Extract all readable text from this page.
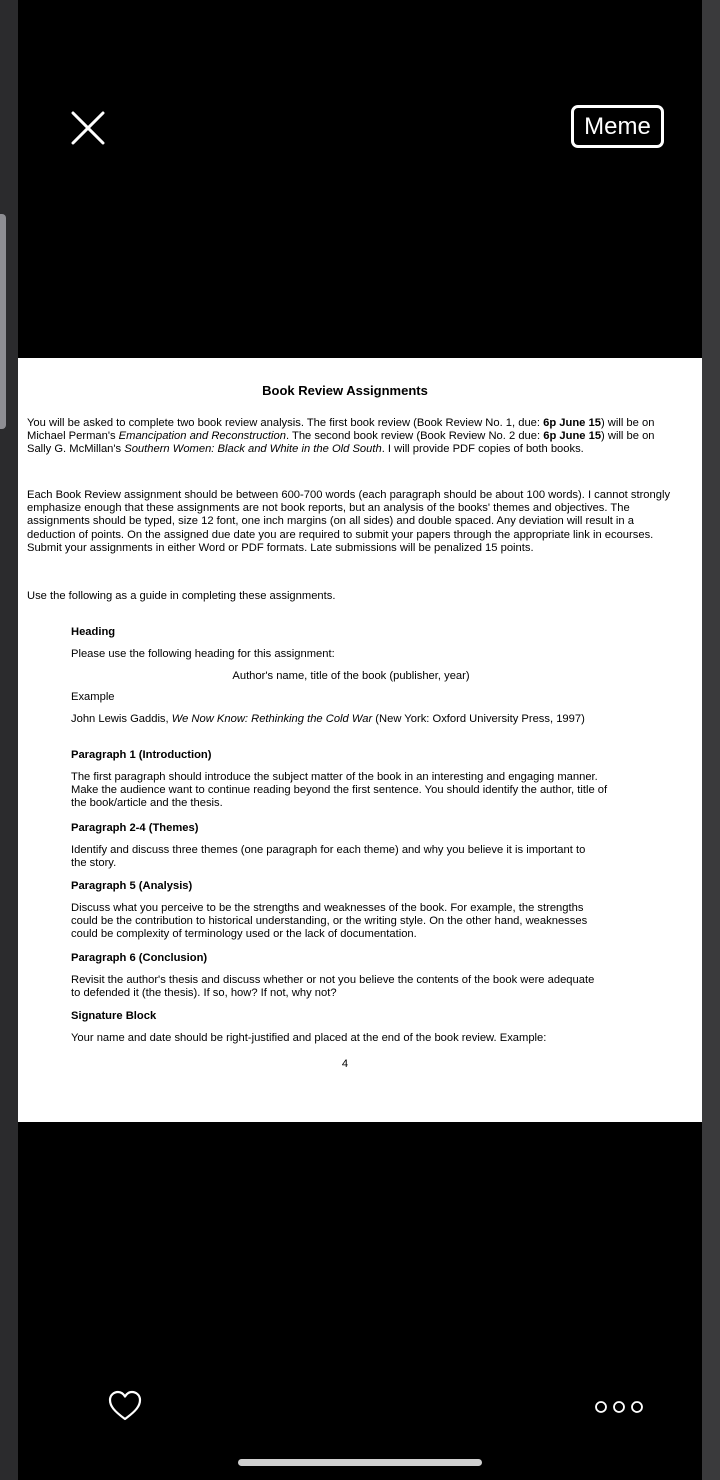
Meme
Book Review Assignments

You will be asked to complete two book review analysis. The first book review (Book Review No. 1, due: 6p June 15) will be on Michael Perman's Emancipation and Reconstruction. The second book review (Book Review No. 2 due: 6p June 15) will be on Sally G. McMillan's Southern Women: Black and White in the Old South. I will provide PDF copies of both books.

Each Book Review assignment should be between 600-700 words (each paragraph should be about 100 words). I cannot strongly emphasize enough that these assignments are not book reports, but an analysis of the books' themes and objectives. The assignments should be typed, size 12 font, one inch margins (on all sides) and double spaced. Any deviation will result in a deduction of points. On the assigned due date you are required to submit your papers through the appropriate link in ecourses. Submit your assignments in either Word or PDF formats. Late submissions will be penalized 15 points.

Use the following as a guide in completing these assignments.

Heading

Please use the following heading for this assignment:

Author's name, title of the book (publisher, year)

Example

John Lewis Gaddis, We Now Know: Rethinking the Cold War (New York: Oxford University Press, 1997)

Paragraph 1 (Introduction)

The first paragraph should introduce the subject matter of the book in an interesting and engaging manner. Make the audience want to continue reading beyond the first sentence. You should identify the author, title of the book/article and the thesis.

Paragraph 2-4 (Themes)

Identify and discuss three themes (one paragraph for each theme) and why you believe it is important to the story.

Paragraph 5 (Analysis)

Discuss what you perceive to be the strengths and weaknesses of the book. For example, the strengths could be the contribution to historical understanding, or the writing style. On the other hand, weaknesses could be complexity of terminology used or the lack of documentation.

Paragraph 6 (Conclusion)

Revisit the author's thesis and discuss whether or not you believe the contents of the book were adequate to defended it (the thesis). If so, how? If not, why not?

Signature Block

Your name and date should be right-justified and placed at the end of the book review. Example:

4
